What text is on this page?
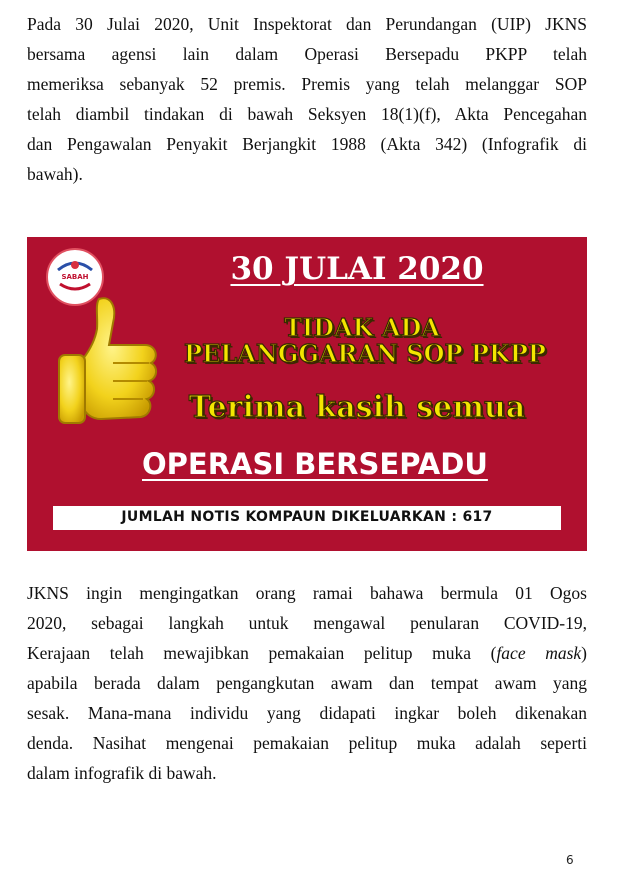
Pada 30 Julai 2020, Unit Inspektorat dan Perundangan (UIP) JKNS
bersama agensi lain dalam Operasi Bersepadu PKPP telah
memeriksa sebanyak 52 premis. Premis yang telah melanggar SOP
telah diambil tindakan di bawah Seksyen 18(1)(f), Akta Pencegahan
dan Pengawalan Penyakit Berjangkit 1988 (Akta 342) (Infografik di
bawah).
SABAH	30 JULAI 2020
TIDAK ADA
PELANGGARAN SOP PKPP
Terima kasih semua
OPERASI BERSEPADU
JUMLAH NOTIS KOMPAUN DIKELUARKAN : 617
JKNS ingin mengingatkan orang ramai bahawa bermula 01 Ogos
2020, sebagai langkah untuk mengawal penularan COVID-19,
Kerajaan telah mewajibkan pemakaian pelitup muka (face mask)
apabila berada dalam pengangkutan awam dan tempat awam yang
sesak. Mana-mana individu yang didapati ingkar boleh dikenakan
denda. Nasihat mengenai pemakaian pelitup muka adalah seperti
dalam infografik di bawah.
6
